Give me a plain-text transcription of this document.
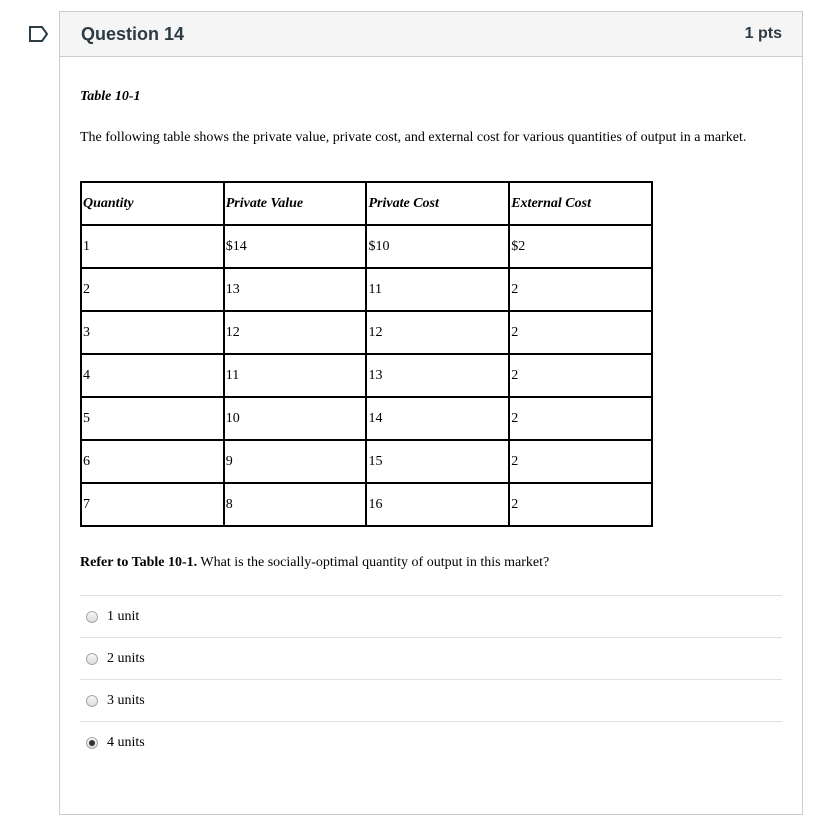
Question 14	1 pts

Table 10-1

The following table shows the private value, private cost, and external cost for various quantities of output in a market.

Quantity	Private Value	Private Cost	External Cost
1	$14	$10	$2
2	13	11	2
3	12	12	2
4	11	13	2
5	10	14	2
6	9	15	2
7	8	16	2

Refer to Table 10-1. What is the socially-optimal quantity of output in this market?

1 unit
2 units
3 units
4 units
